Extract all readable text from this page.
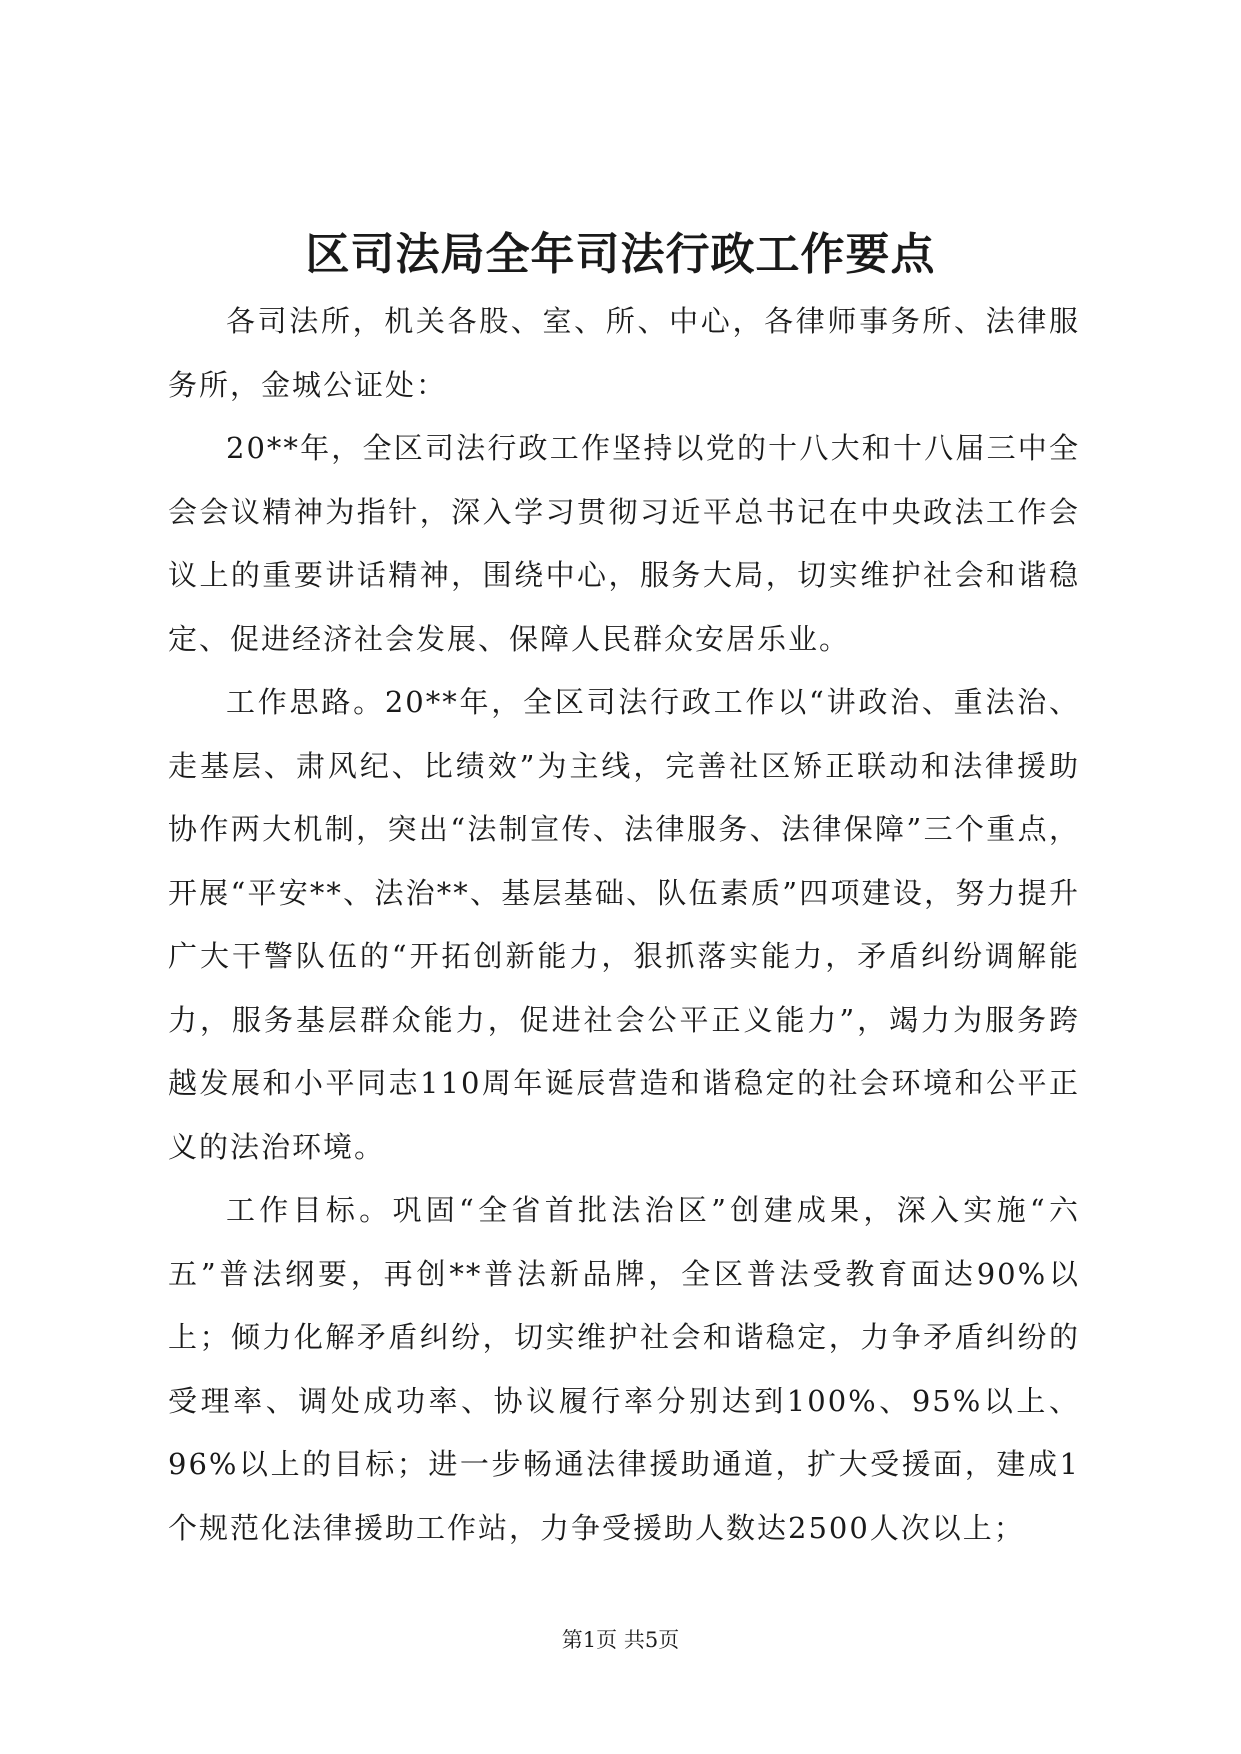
区司法局全年司法行政工作要点

各司法所，机关各股、室、所、中心，各律师事务所、法律服务所，金城公证处：

20**年，全区司法行政工作坚持以党的十八大和十八届三中全会会议精神为指针，深入学习贯彻习近平总书记在中央政法工作会议上的重要讲话精神，围绕中心，服务大局，切实维护社会和谐稳定、促进经济社会发展、保障人民群众安居乐业。

工作思路。20**年，全区司法行政工作以“讲政治、重法治、走基层、肃风纪、比绩效”为主线，完善社区矫正联动和法律援助协作两大机制，突出“法制宣传、法律服务、法律保障”三个重点，开展“平安**、法治**、基层基础、队伍素质”四项建设，努力提升广大干警队伍的“开拓创新能力，狠抓落实能力，矛盾纠纷调解能力，服务基层群众能力，促进社会公平正义能力”，竭力为服务跨越发展和小平同志110周年诞辰营造和谐稳定的社会环境和公平正义的法治环境。

工作目标。巩固“全省首批法治区”创建成果，深入实施“六五”普法纲要，再创**普法新品牌，全区普法受教育面达90%以上；倾力化解矛盾纠纷，切实维护社会和谐稳定，力争矛盾纠纷的受理率、调处成功率、协议履行率分别达到100%、95%以上、96%以上的目标；进一步畅通法律援助通道，扩大受援面，建成1个规范化法律援助工作站，力争受援助人数达2500人次以上；

第1页 共5页
